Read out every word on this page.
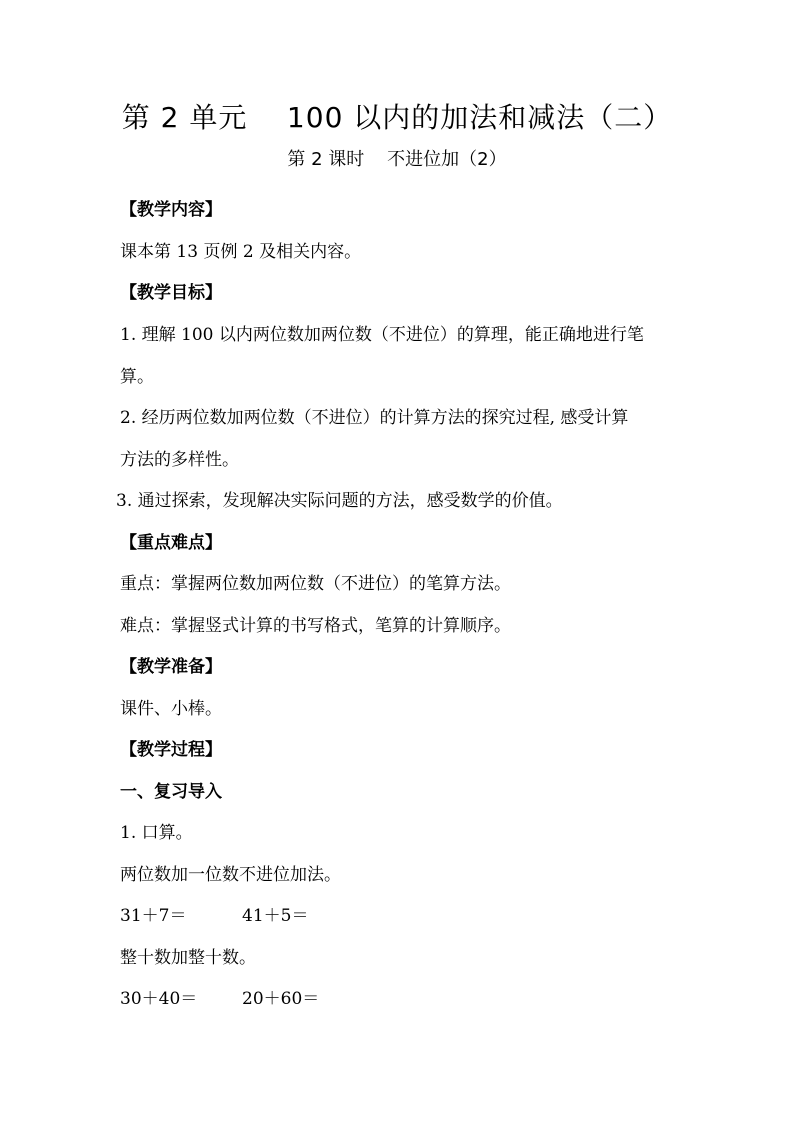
第 2 单元    100 以内的加法和减法（二）
第 2 课时    不进位加（2）
【教学内容】
课本第 13 页例 2 及相关内容。
【教学目标】
1. 理解 100 以内两位数加两位数（不进位）的算理，能正确地进行笔
算。
2. 经历两位数加两位数（不进位）的计算方法的探究过程, 感受计算
方法的多样性。
3. 通过探索，发现解决实际问题的方法，感受数学的价值。
【重点难点】
重点：掌握两位数加两位数（不进位）的笔算方法。
难点：掌握竖式计算的书写格式，笔算的计算顺序。
【教学准备】
课件、小棒。
【教学过程】
一、复习导入
1. 口算。
两位数加一位数不进位加法。
31＋7＝	41＋5＝
整十数加整十数。
30＋40＝	20＋60＝
